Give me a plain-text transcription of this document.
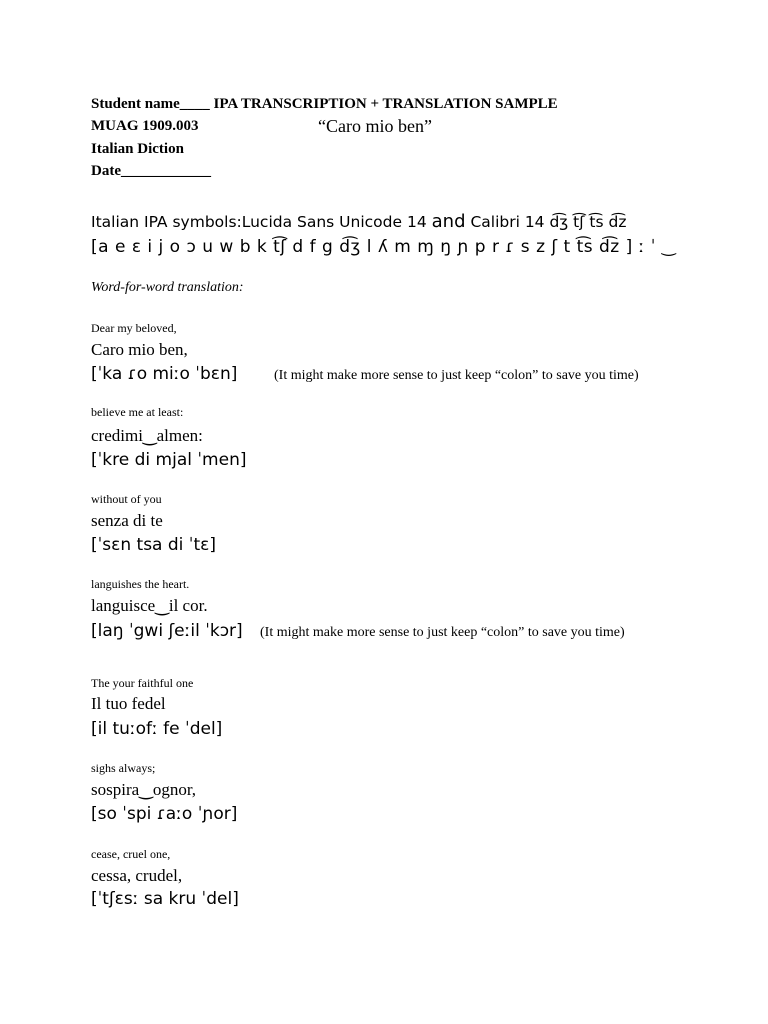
Student name____ IPA TRANSCRIPTION + TRANSLATION SAMPLE
MUAG 1909.003	“Caro mio ben”
Italian Diction
Date____________
Italian IPA symbols:Lucida Sans Unicode 14 and Calibri 14 d͡ʒ t͡ʃ t͡s d͡z
[a e ɛ i j o ɔ u w b k t͡ʃ d f g d͡ʒ l ʎ m ɱ ŋ ɲ p r ɾ s z ʃ t t͡s d͡z ] ː ˈ ‿
Word-for-word translation:
Dear my beloved,
Caro mio ben,
[ˈka ɾo miːo ˈbɛn]	(It might make more sense to just keep “colon” to save you time)
believe me at least:
credimi‿almen:
[ˈkre di mjal ˈmen]
without of you
senza di te
[ˈsɛn tsa di ˈtɛ]
languishes the heart.
languisce‿il cor.
[laŋ ˈgwi ʃeːil ˈkɔr] (It might make more sense to just keep “colon” to save you time)
The your faithful one
Il tuo fedel
[il tuːofː fe ˈdel]
sighs always;
sospira‿ognor,
[so ˈspi ɾaːo ˈɲor]
cease, cruel one,
cessa, crudel,
[ˈtʃɛsː sa kru ˈdel]
